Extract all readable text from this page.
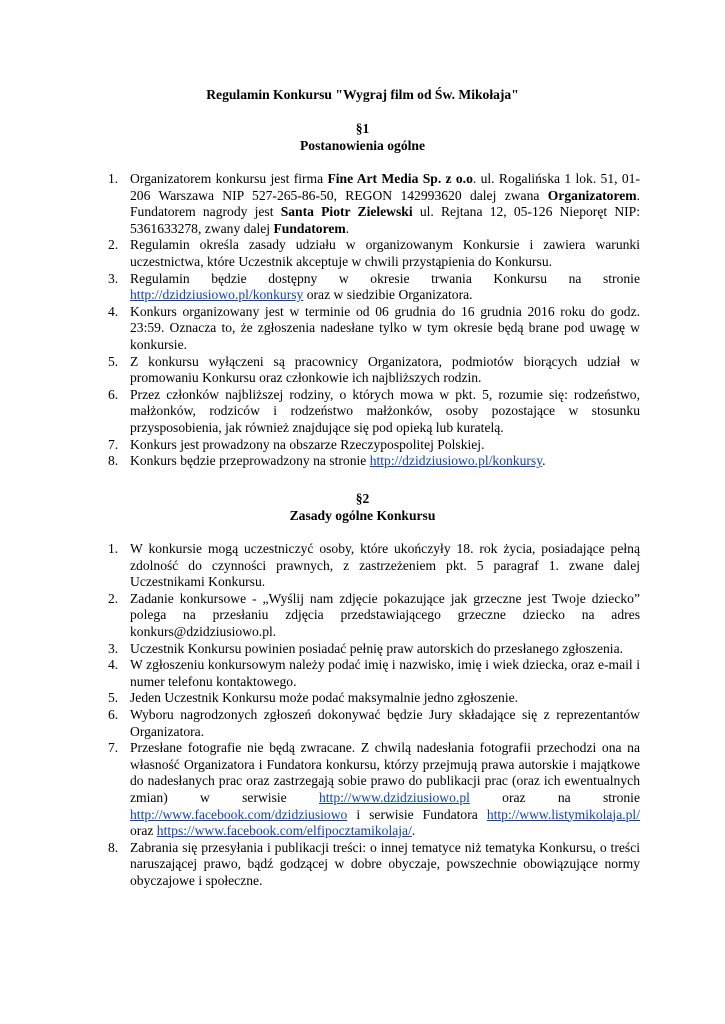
Regulamin Konkursu "Wygraj film od Św. Mikołaja"
§1
Postanowienia ogólne
1. Organizatorem konkursu jest firma Fine Art Media Sp. z o.o. ul. Rogalińska 1 lok. 51, 01-206 Warszawa NIP 527-265-86-50, REGON 142993620 dalej zwana Organizatorem. Fundatorem nagrody jest Santa Piotr Zielewski ul. Rejtana 12, 05-126 Nieporęt NIP: 5361633278, zwany dalej Fundatorem.
2. Regulamin określa zasady udziału w organizowanym Konkursie i zawiera warunki uczestnictwa, które Uczestnik akceptuje w chwili przystąpienia do Konkursu.
3. Regulamin będzie dostępny w okresie trwania Konkursu na stronie http://dzidziusiowo.pl/konkursy oraz w siedzibie Organizatora.
4. Konkurs organizowany jest w terminie od 06 grudnia do 16 grudnia 2016 roku do godz. 23:59. Oznacza to, że zgłoszenia nadesłane tylko w tym okresie będą brane pod uwagę w konkursie.
5. Z konkursu wyłączeni są pracownicy Organizatora, podmiotów biorących udział w promowaniu Konkursu oraz członkowie ich najbliższych rodzin.
6. Przez członków najbliższej rodziny, o których mowa w pkt. 5, rozumie się: rodzeństwo, małżonków, rodziców i rodzeństwo małżonków, osoby pozostające w stosunku przysposobienia, jak również znajdujące się pod opieką lub kuratelą.
7. Konkurs jest prowadzony na obszarze Rzeczypospolitej Polskiej.
8. Konkurs będzie przeprowadzony na stronie http://dzidziusiowo.pl/konkursy.
§2
Zasady ogólne Konkursu
1. W konkursie mogą uczestniczyć osoby, które ukończyły 18. rok życia, posiadające pełną zdolność do czynności prawnych, z zastrzeżeniem pkt. 5 paragraf 1. zwane dalej Uczestnikami Konkursu.
2. Zadanie konkursowe - „Wyślij nam zdjęcie pokazujące jak grzeczne jest Twoje dziecko” polega na przesłaniu zdjęcia przedstawiającego grzeczne dziecko na adres konkurs@dzidziusiowo.pl.
3. Uczestnik Konkursu powinien posiadać pełnię praw autorskich do przesłanego zgłoszenia.
4. W zgłoszeniu konkursowym należy podać imię i nazwisko, imię i wiek dziecka, oraz e-mail i numer telefonu kontaktowego.
5. Jeden Uczestnik Konkursu może podać maksymalnie jedno zgłoszenie.
6. Wyboru nagrodzonych zgłoszeń dokonywać będzie Jury składające się z reprezentantów Organizatora.
7. Przesłane fotografie nie będą zwracane. Z chwilą nadesłania fotografii przechodzi ona na własność Organizatora i Fundatora konkursu, którzy przejmują prawa autorskie i majątkowe do nadesłanych prac oraz zastrzegają sobie prawo do publikacji prac (oraz ich ewentualnych zmian) w serwisie http://www.dzidziusiowo.pl oraz na stronie http://www.facebook.com/dzidziusiowo i serwisie Fundatora http://www.listymikolaja.pl/ oraz https://www.facebook.com/elfipocztamikolaja/.
8. Zabrania się przesyłania i publikacji treści: o innej tematyce niż tematyka Konkursu, o treści naruszającej prawo, bądź godzącej w dobre obyczaje, powszechnie obowiązujące normy obyczajowe i społeczne.
